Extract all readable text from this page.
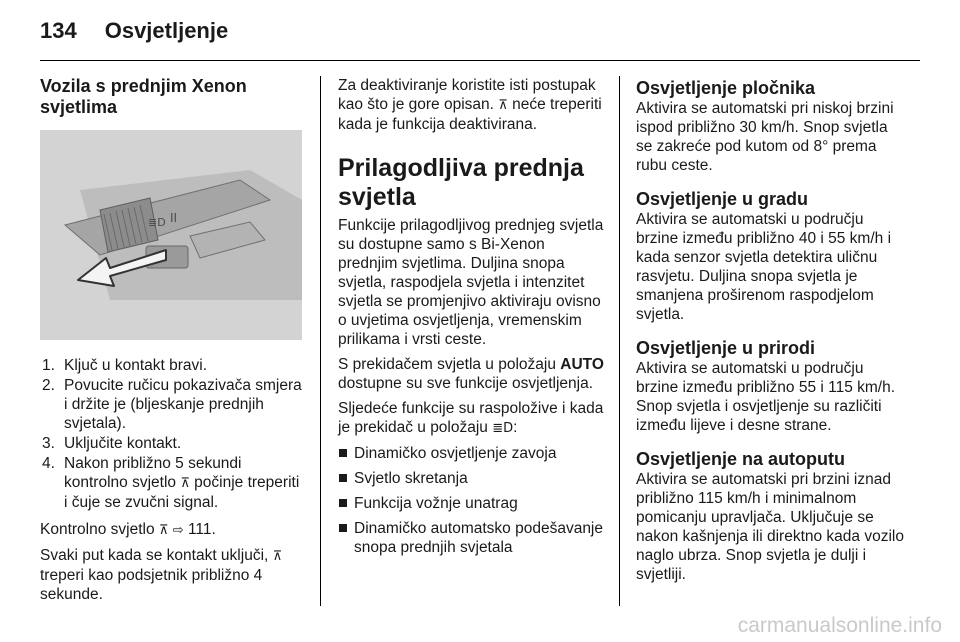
134 Osvjetljenje
Vozila s prednjim Xenon svjetlima
≣D II
1. Ključ u kontakt bravi.
2. Povucite ručicu pokazivača smjera i držite je (bljeskanje prednjih svjetala).
3. Uključite kontakt.
4. Nakon približno 5 sekundi kontrolno svjetlo ⊼ počinje treperiti i čuje se zvučni signal.

Kontrolno svjetlo ⊼ ⇨ 111.

Svaki put kada se kontakt uključi, ⊼ treperi kao podsjetnik približno 4 sekunde.

Za deaktiviranje koristite isti postupak kao što je gore opisan. ⊼ neće treperiti kada je funkcija deaktivirana.

Prilagodljiva prednja svjetla

Funkcije prilagodljivog prednjeg svjetla su dostupne samo s Bi-Xenon prednjim svjetlima. Duljina snopa svjetla, raspodjela svjetla i intenzitet svjetla se promjenjivo aktiviraju ovisno o uvjetima osvjetljenja, vremenskim prilikama i vrsti ceste.

S prekidačem svjetla u položaju AUTO dostupne su sve funkcije osvjetljenja.

Sljedeće funkcije su raspoložive i kada je prekidač u položaju ≣D:

Dinamičko osvjetljenje zavoja
Svjetlo skretanja
Funkcija vožnje unatrag
Dinamičko automatsko podešavanje snopa prednjih svjetala
Osvjetljenje pločnika

Aktivira se automatski pri niskoj brzini ispod približno 30 km/h. Snop svjetla se zakreće pod kutom od 8° prema rubu ceste.

Osvjetljenje u gradu

Aktivira se automatski u području brzine između približno 40 i 55 km/h i kada senzor svjetla detektira uličnu rasvjetu. Duljina snopa svjetla je smanjena proširenom raspodjelom svjetla.

Osvjetljenje u prirodi

Aktivira se automatski u području brzine između približno 55 i 115 km/h. Snop svjetla i osvjetljenje su različiti između lijeve i desne strane.

Osvjetljenje na autoputu

Aktivira se automatski pri brzini iznad približno 115 km/h i minimalnom pomicanju upravljača. Uključuje se nakon kašnjenja ili direktno kada vozilo naglo ubrza. Snop svjetla je dulji i svjetliji.

carmanualsonline.info
